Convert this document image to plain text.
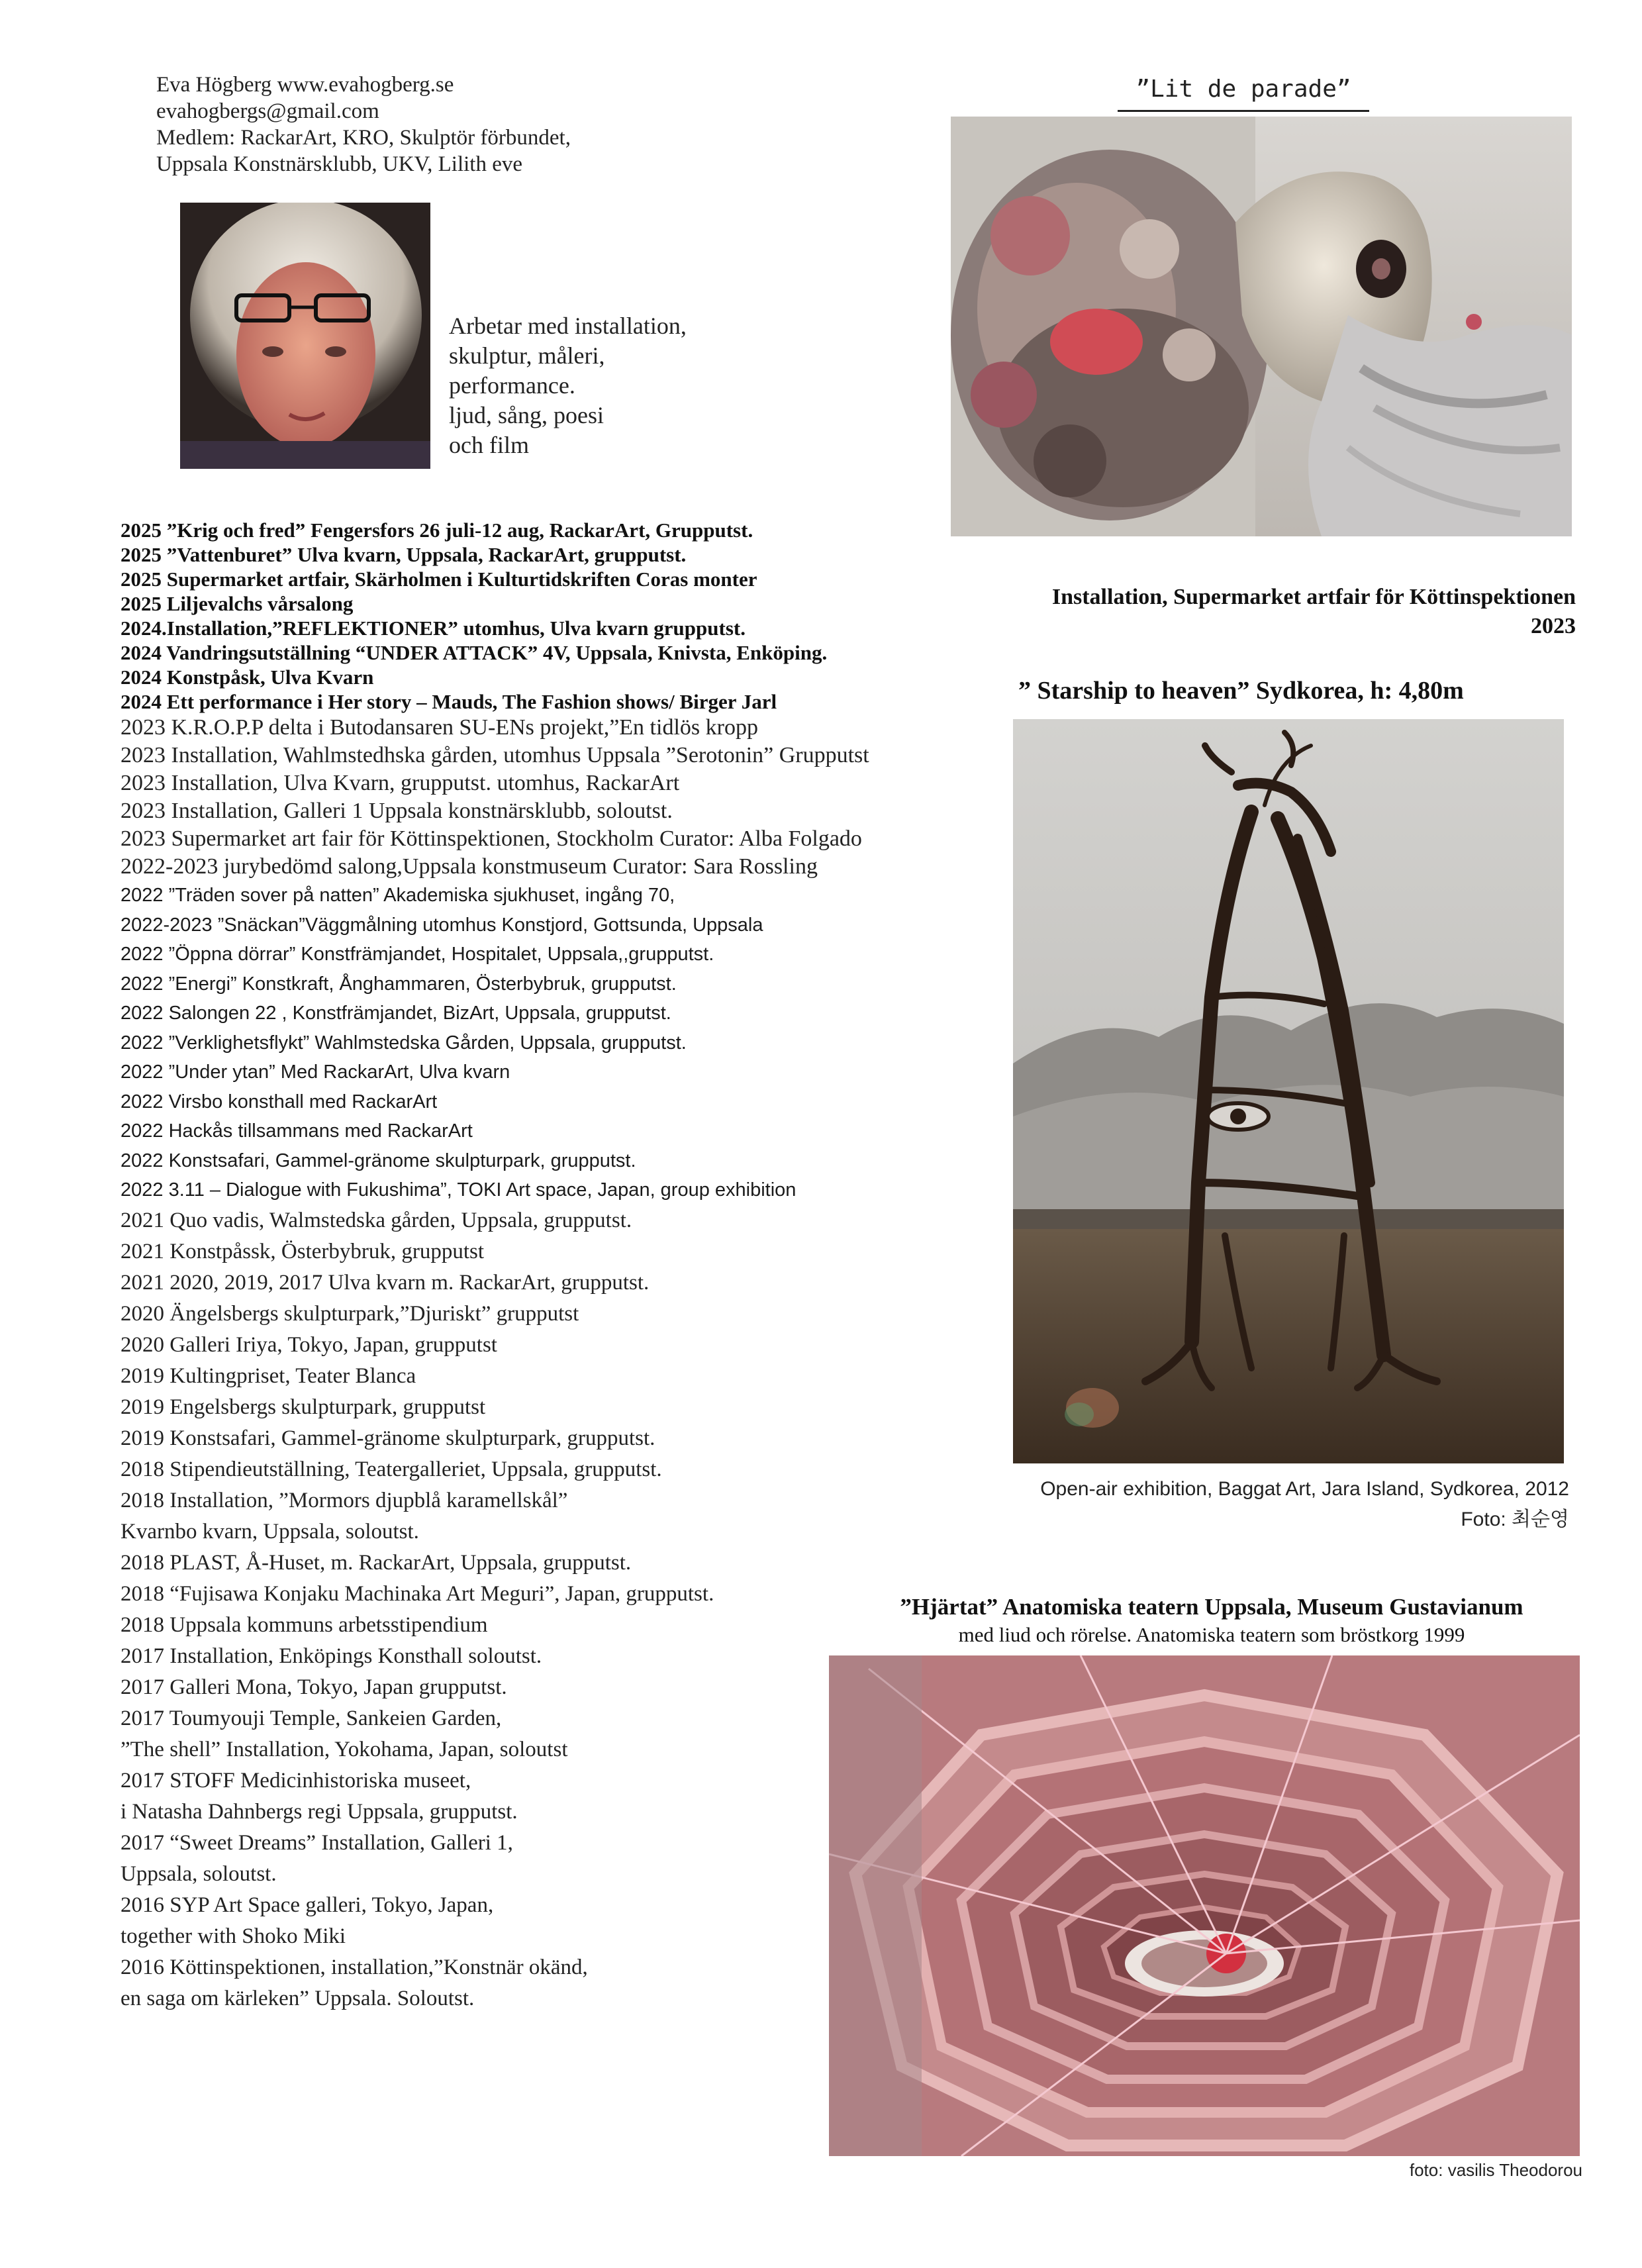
Eva Högberg www.evahogberg.se
evahogbergs@gmail.com
Medlem: RackarArt, KRO, Skulptör förbundet,
Uppsala Konstnärsklubb, UKV, Lilith eve
Arbetar med installation,
skulptur, måleri,
performance.
ljud, sång, poesi
och film
2025 ”Krig och fred” Fengersfors 26 juli-12 aug, RackarArt, Grupputst.
2025 ”Vattenburet” Ulva kvarn, Uppsala, RackarArt, grupputst.
2025 Supermarket artfair, Skärholmen i Kulturtidskriften Coras monter
2025 Liljevalchs vårsalong
2024.Installation,”REFLEKTIONER” utomhus, Ulva kvarn grupputst.
2024 Vandringsutställning “UNDER ATTACK” 4V, Uppsala, Knivsta, Enköping.
2024 Konstpåsk, Ulva Kvarn
2024 Ett performance i Her story – Mauds, The Fashion shows/ Birger Jarl
2023 K.R.O.P.P delta i Butodansaren SU-ENs projekt,”En tidlös kropp
2023 Installation, Wahlmstedhska gården, utomhus Uppsala ”Serotonin” Grupputst
2023 Installation, Ulva Kvarn, grupputst. utomhus, RackarArt
2023 Installation, Galleri 1 Uppsala konstnärsklubb, soloutst.
2023 Supermarket art fair för Köttinspektionen, Stockholm Curator: Alba Folgado
2022-2023 jurybedömd salong,Uppsala konstmuseum Curator: Sara Rossling
2022 ”Träden sover på natten” Akademiska sjukhuset, ingång 70,
2022-2023 ”Snäckan”Väggmålning utomhus Konstjord, Gottsunda, Uppsala
2022 ”Öppna dörrar” Konstfrämjandet, Hospitalet, Uppsala,,grupputst.
2022 ”Energi” Konstkraft, Ånghammaren, Österbybruk, grupputst.
2022 Salongen 22 , Konstfrämjandet, BizArt, Uppsala, grupputst.
2022 ”Verklighetsflykt” Wahlmstedska Gården, Uppsala, grupputst.
2022 ”Under ytan” Med RackarArt, Ulva kvarn
2022 Virsbo konsthall med RackarArt
2022 Hackås tillsammans med RackarArt
2022 Konstsafari, Gammel-gränome skulpturpark, grupputst.
2022 3.11 – Dialogue with Fukushima”, TOKI Art space, Japan, group exhibition
2021 Quo vadis, Walmstedska gården, Uppsala, grupputst.
2021 Konstpåssk, Österbybruk, grupputst
2021 2020, 2019, 2017 Ulva kvarn m. RackarArt, grupputst.
2020 Ängelsbergs skulpturpark,”Djuriskt” grupputst
2020 Galleri Iriya, Tokyo, Japan, grupputst
2019 Kultingpriset, Teater Blanca
2019 Engelsbergs skulpturpark, grupputst
2019 Konstsafari, Gammel-gränome skulpturpark, grupputst.
2018 Stipendieutställning, Teatergalleriet, Uppsala, grupputst.
2018 Installation, ”Mormors djupblå karamellskål”
Kvarnbo kvarn, Uppsala, soloutst.
2018 PLAST, Å-Huset, m. RackarArt, Uppsala, grupputst.
2018 “Fujisawa Konjaku Machinaka Art Meguri”, Japan, grupputst.
2018 Uppsala kommuns arbetsstipendium
2017 Installation, Enköpings Konsthall soloutst.
2017 Galleri Mona, Tokyo, Japan grupputst.
2017 Toumyouji Temple, Sankeien Garden,
”The shell” Installation, Yokohama, Japan, soloutst
2017 STOFF Medicinhistoriska museet,
i Natasha Dahnbergs regi Uppsala, grupputst.
2017 “Sweet Dreams” Installation, Galleri 1,
Uppsala, soloutst.
2016 SYP Art Space galleri, Tokyo, Japan,
together with Shoko Miki
2016 Köttinspektionen, installation,”Konstnär okänd,
en saga om kärleken” Uppsala. Soloutst.
”Lit de parade”
Installation, Supermarket artfair för Köttinspektionen
2023
” Starship to heaven” Sydkorea, h: 4,80m
Open-air exhibition, Baggat Art, Jara Island, Sydkorea, 2012
Foto: 최순영
”Hjärtat” Anatomiska teatern Uppsala, Museum Gustavianum
med liud och rörelse. Anatomiska teatern som bröstkorg 1999
foto: vasilis Theodorou
